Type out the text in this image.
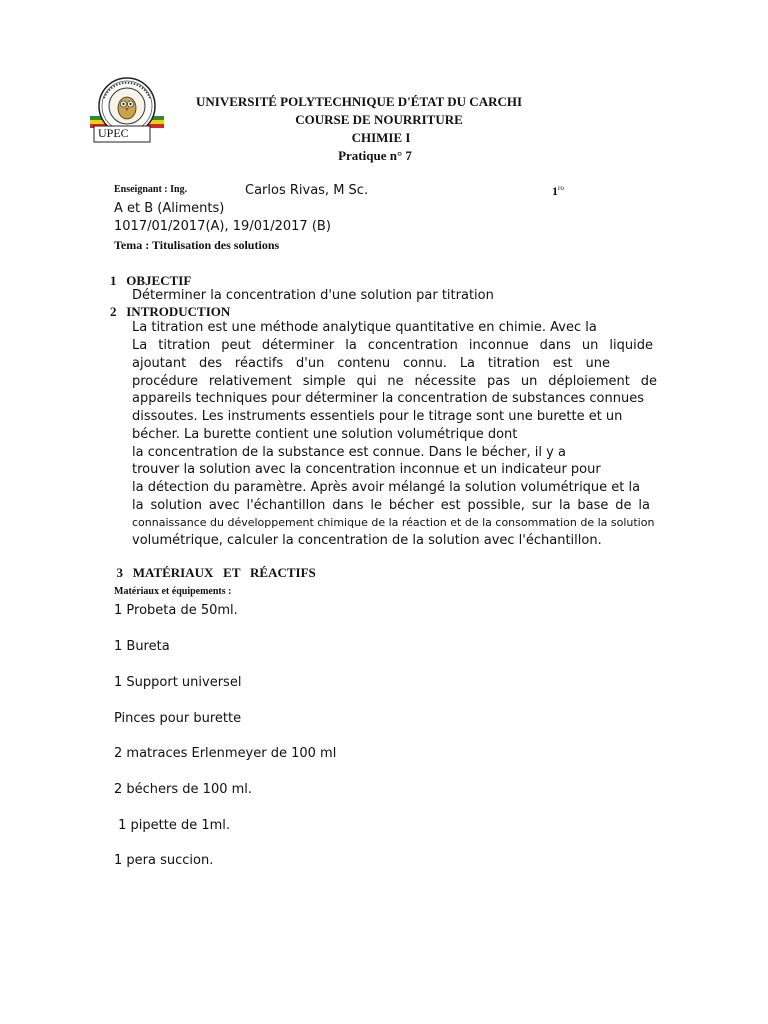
UPEC
UNIVERSITÉ POLYTECHNIQUE D'ÉTAT DU CARCHI
COURSE DE NOURRITURE
CHIMIE I
Pratique n° 7
Enseignant : Ing.	Carlos Rivas, M Sc.	$1^{ro}$
A et B (Aliments)
1017/01/2017(A), 19/01/2017 (B)
Tema : Titulisation des solutions
1 OBJECTIF
Déterminer la concentration d'une solution par titration
2 INTRODUCTION
La titration est une méthode analytique quantitative en chimie. Avec la
La titration peut déterminer la concentration inconnue dans un liquide
ajoutant des réactifs d'un contenu connu. La titration est une
procédure relativement simple qui ne nécessite pas un déploiement de
appareils techniques pour déterminer la concentration de substances connues
dissoutes. Les instruments essentiels pour le titrage sont une burette et un
bécher. La burette contient une solution volumétrique dont
la concentration de la substance est connue. Dans le bécher, il y a
trouver la solution avec la concentration inconnue et un indicateur pour
la détection du paramètre. Après avoir mélangé la solution volumétrique et la
la solution avec l'échantillon dans le bécher est possible, sur la base de la
connaissance du développement chimique de la réaction et de la consommation de la solution
volumétrique, calculer la concentration de la solution avec l'échantillon.

3 MATÉRIAUX   ET   RÉACTIFS

Matériaux et équipements :
1 Probeta de 50ml.
1 Bureta
1 Support universel
Pinces pour burette
2 matraces Erlenmeyer de 100 ml
2 béchers de 100 ml.
1 pipette de 1ml.
1 pera succion.
